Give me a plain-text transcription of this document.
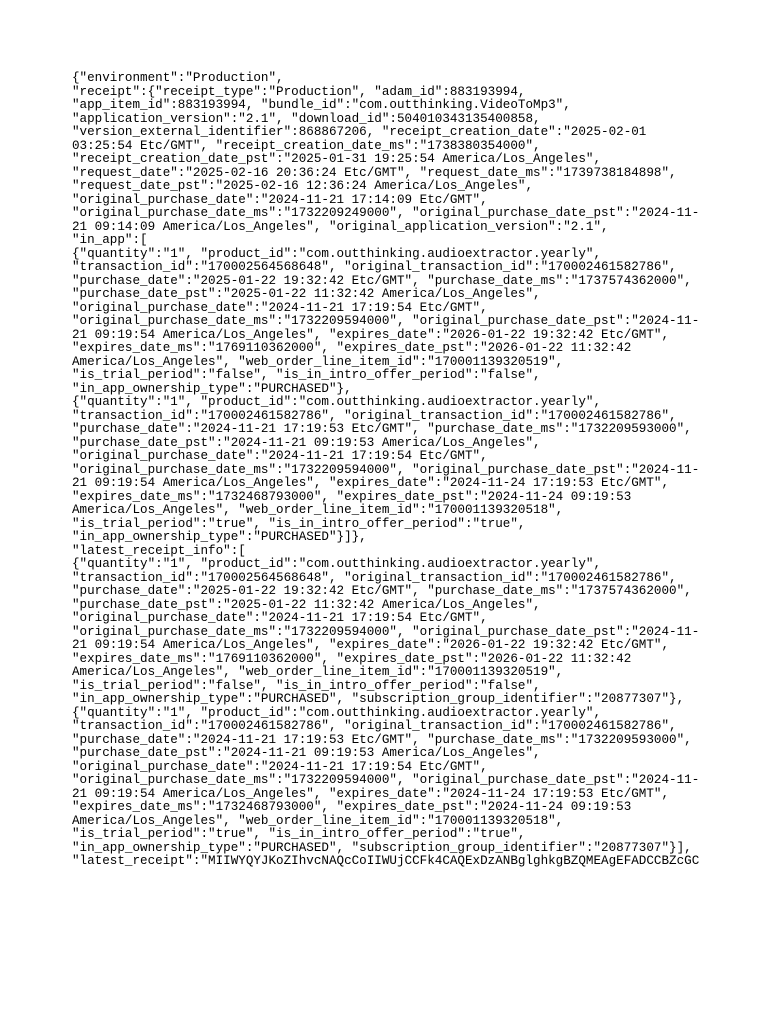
{"environment":"Production",
"receipt":{"receipt_type":"Production", "adam_id":883193994,
"app_item_id":883193994, "bundle_id":"com.outthinking.VideoToMp3",
"application_version":"2.1", "download_id":504010343135400858,
"version_external_identifier":868867206, "receipt_creation_date":"2025-02-01
03:25:54 Etc/GMT", "receipt_creation_date_ms":"1738380354000",
"receipt_creation_date_pst":"2025-01-31 19:25:54 America/Los_Angeles",
"request_date":"2025-02-16 20:36:24 Etc/GMT", "request_date_ms":"1739738184898",
"request_date_pst":"2025-02-16 12:36:24 America/Los_Angeles",
"original_purchase_date":"2024-11-21 17:14:09 Etc/GMT",
"original_purchase_date_ms":"1732209249000", "original_purchase_date_pst":"2024-11-
21 09:14:09 America/Los_Angeles", "original_application_version":"2.1",
"in_app":[
{"quantity":"1", "product_id":"com.outthinking.audioextractor.yearly",
"transaction_id":"170002564568648", "original_transaction_id":"170002461582786",
"purchase_date":"2025-01-22 19:32:42 Etc/GMT", "purchase_date_ms":"1737574362000",
"purchase_date_pst":"2025-01-22 11:32:42 America/Los_Angeles",
"original_purchase_date":"2024-11-21 17:19:54 Etc/GMT",
"original_purchase_date_ms":"1732209594000", "original_purchase_date_pst":"2024-11-
21 09:19:54 America/Los_Angeles", "expires_date":"2026-01-22 19:32:42 Etc/GMT",
"expires_date_ms":"1769110362000", "expires_date_pst":"2026-01-22 11:32:42
America/Los_Angeles", "web_order_line_item_id":"170001139320519",
"is_trial_period":"false", "is_in_intro_offer_period":"false",
"in_app_ownership_type":"PURCHASED"},
{"quantity":"1", "product_id":"com.outthinking.audioextractor.yearly",
"transaction_id":"170002461582786", "original_transaction_id":"170002461582786",
"purchase_date":"2024-11-21 17:19:53 Etc/GMT", "purchase_date_ms":"1732209593000",
"purchase_date_pst":"2024-11-21 09:19:53 America/Los_Angeles",
"original_purchase_date":"2024-11-21 17:19:54 Etc/GMT",
"original_purchase_date_ms":"1732209594000", "original_purchase_date_pst":"2024-11-
21 09:19:54 America/Los_Angeles", "expires_date":"2024-11-24 17:19:53 Etc/GMT",
"expires_date_ms":"1732468793000", "expires_date_pst":"2024-11-24 09:19:53
America/Los_Angeles", "web_order_line_item_id":"170001139320518",
"is_trial_period":"true", "is_in_intro_offer_period":"true",
"in_app_ownership_type":"PURCHASED"}]},
"latest_receipt_info":[
{"quantity":"1", "product_id":"com.outthinking.audioextractor.yearly",
"transaction_id":"170002564568648", "original_transaction_id":"170002461582786",
"purchase_date":"2025-01-22 19:32:42 Etc/GMT", "purchase_date_ms":"1737574362000",
"purchase_date_pst":"2025-01-22 11:32:42 America/Los_Angeles",
"original_purchase_date":"2024-11-21 17:19:54 Etc/GMT",
"original_purchase_date_ms":"1732209594000", "original_purchase_date_pst":"2024-11-
21 09:19:54 America/Los_Angeles", "expires_date":"2026-01-22 19:32:42 Etc/GMT",
"expires_date_ms":"1769110362000", "expires_date_pst":"2026-01-22 11:32:42
America/Los_Angeles", "web_order_line_item_id":"170001139320519",
"is_trial_period":"false", "is_in_intro_offer_period":"false",
"in_app_ownership_type":"PURCHASED", "subscription_group_identifier":"20877307"},
{"quantity":"1", "product_id":"com.outthinking.audioextractor.yearly",
"transaction_id":"170002461582786", "original_transaction_id":"170002461582786",
"purchase_date":"2024-11-21 17:19:53 Etc/GMT", "purchase_date_ms":"1732209593000",
"purchase_date_pst":"2024-11-21 09:19:53 America/Los_Angeles",
"original_purchase_date":"2024-11-21 17:19:54 Etc/GMT",
"original_purchase_date_ms":"1732209594000", "original_purchase_date_pst":"2024-11-
21 09:19:54 America/Los_Angeles", "expires_date":"2024-11-24 17:19:53 Etc/GMT",
"expires_date_ms":"1732468793000", "expires_date_pst":"2024-11-24 09:19:53
America/Los_Angeles", "web_order_line_item_id":"170001139320518",
"is_trial_period":"true", "is_in_intro_offer_period":"true",
"in_app_ownership_type":"PURCHASED", "subscription_group_identifier":"20877307"}],
"latest_receipt":"MIIWYQYJKoZIhvcNAQcCoIIWUjCCFk4CAQExDzANBglghkgBZQMEAgEFADCCBZcGC
